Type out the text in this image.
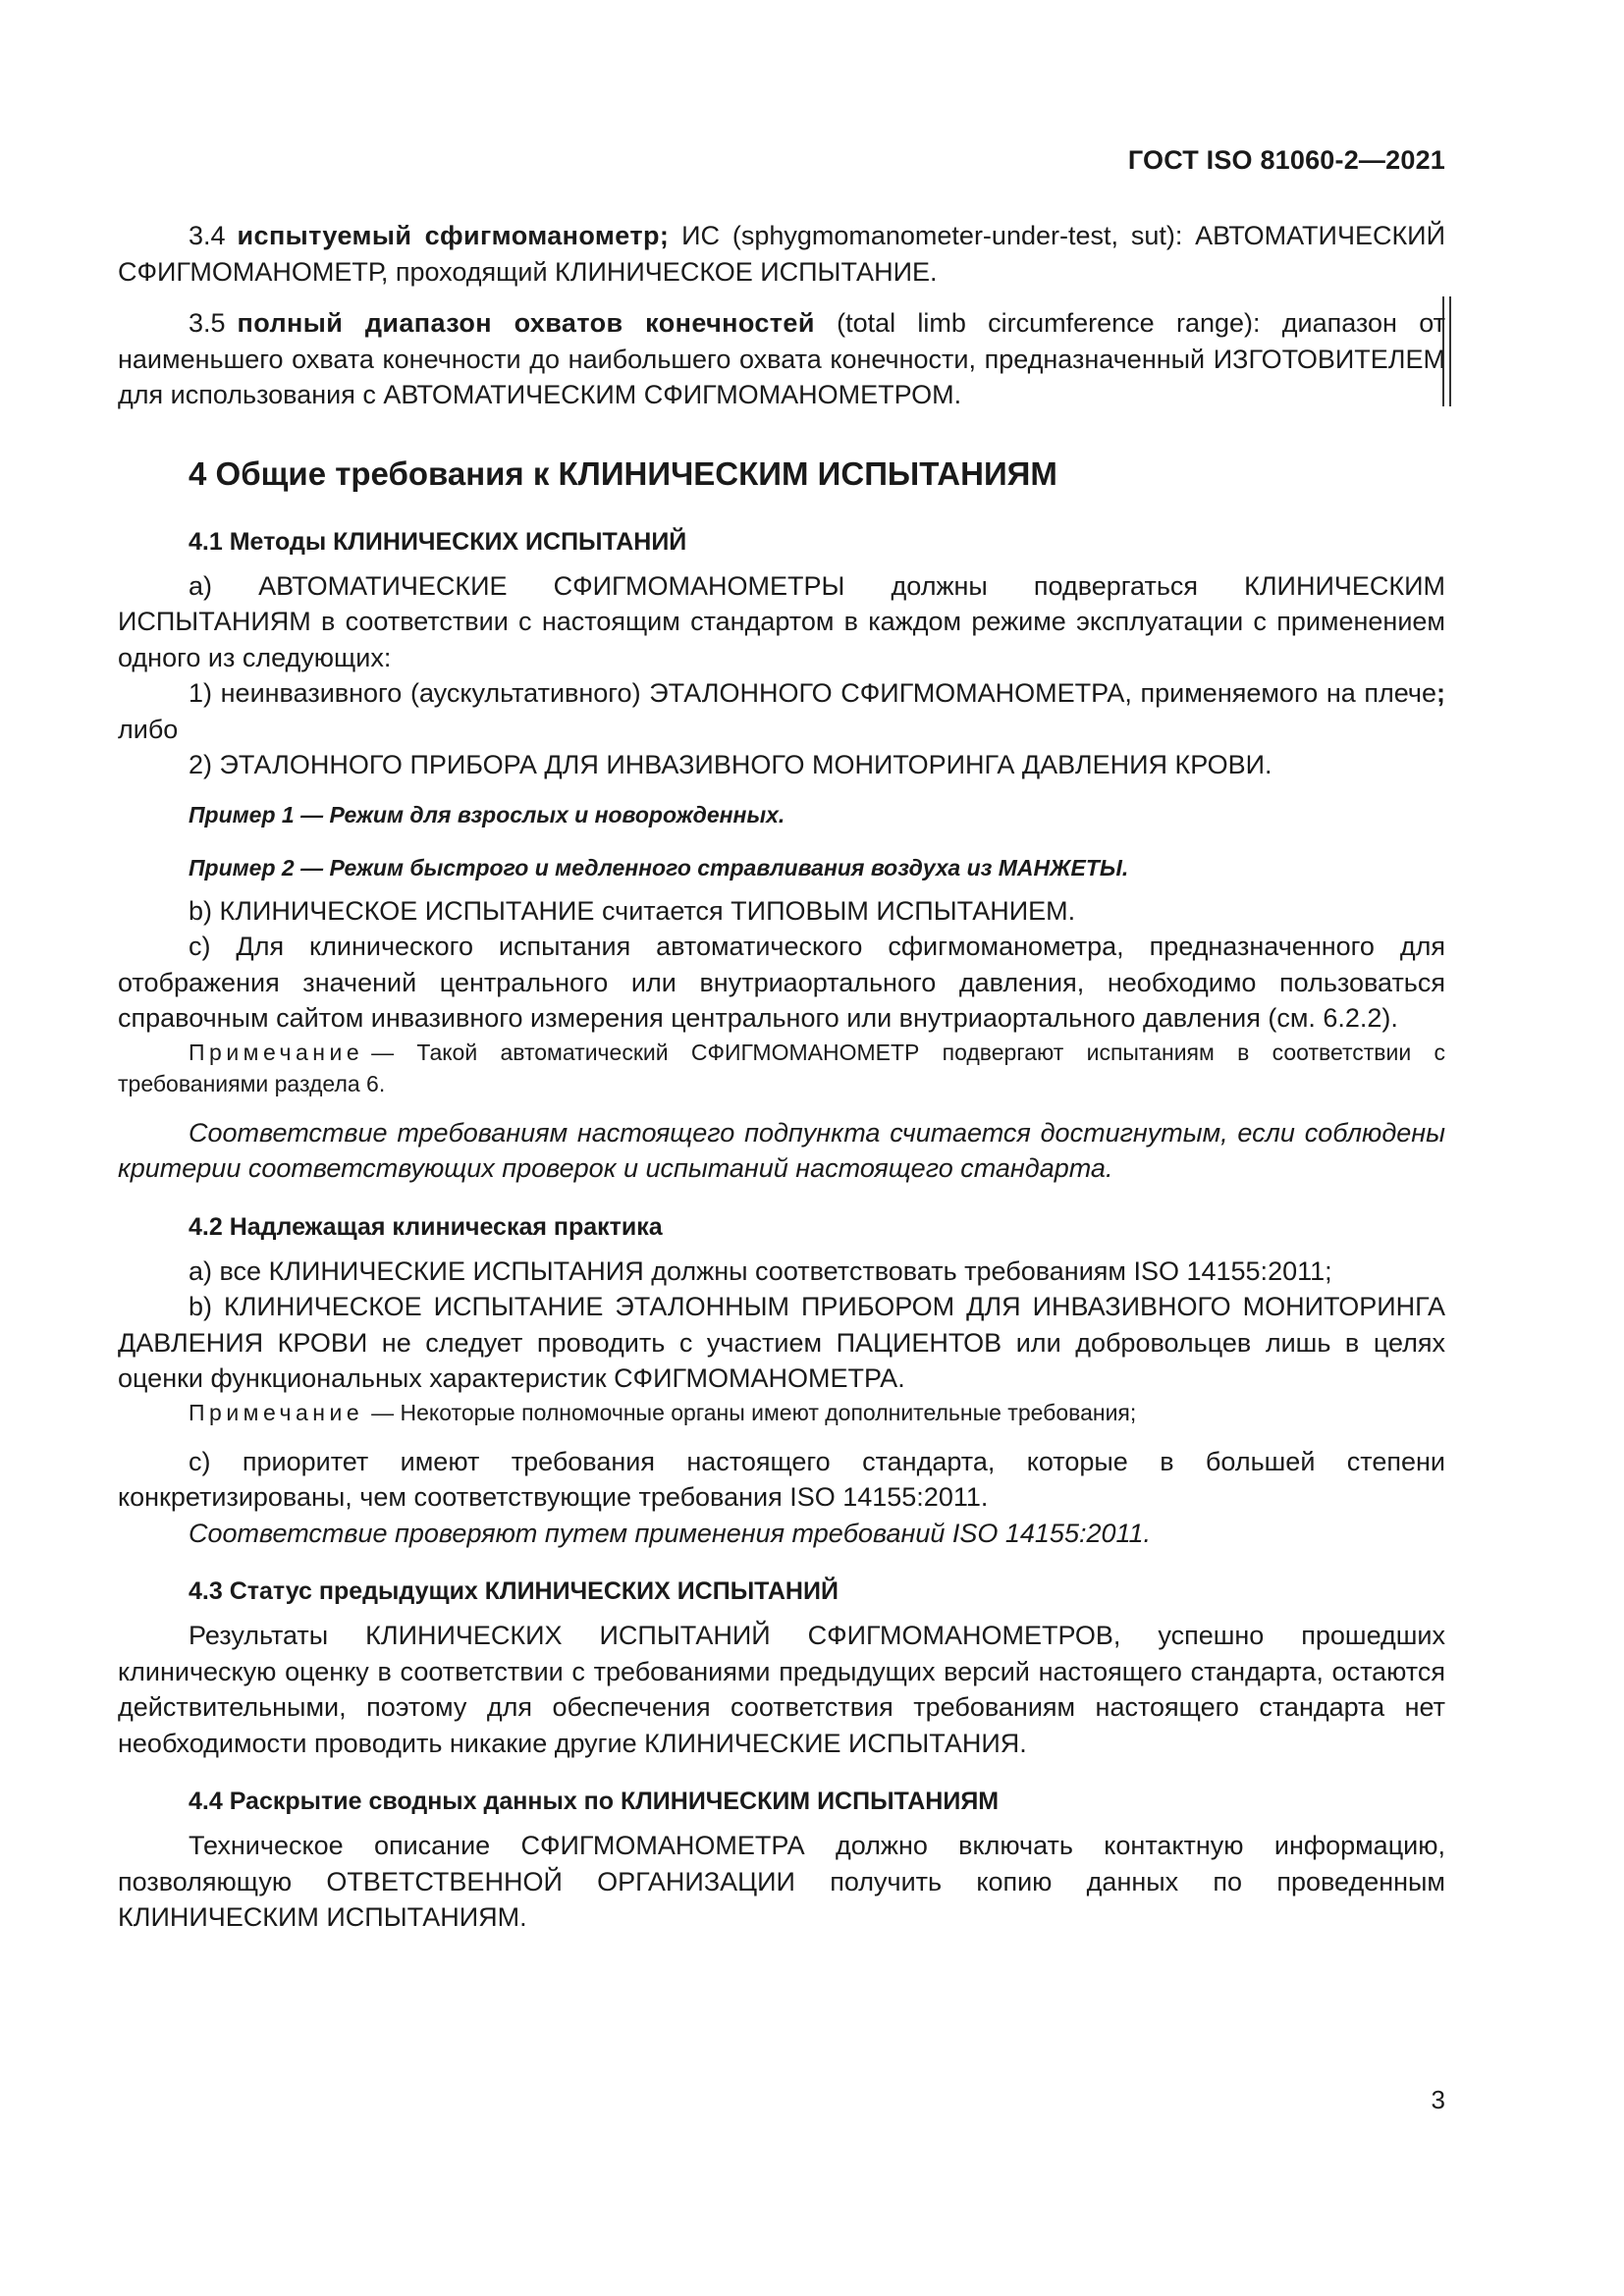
ГОСТ ISO 81060-2—2021

3.4 испытуемый сфигмоманометр; ИС (sphygmomanometer-under-test, sut): АВТОМАТИЧЕСКИЙ СФИГМОМАНОМЕТР, проходящий КЛИНИЧЕСКОЕ ИСПЫТАНИЕ.

3.5 полный диапазон охватов конечностей (total limb circumference range): диапазон от наименьшего охвата конечности до наибольшего охвата конечности, предназначенный ИЗГОТОВИТЕЛЕМ для использования с АВТОМАТИЧЕСКИМ СФИГМОМАНОМЕТРОМ.

4 Общие требования к КЛИНИЧЕСКИМ ИСПЫТАНИЯМ
4.1 Методы КЛИНИЧЕСКИХ ИСПЫТАНИЙ

а) АВТОМАТИЧЕСКИЕ СФИГМОМАНОМЕТРЫ должны подвергаться КЛИНИЧЕСКИМ ИСПЫТАНИЯМ в соответствии с настоящим стандартом в каждом режиме эксплуатации с применением одного из следующих:

1) неинвазивного (аускультативного) ЭТАЛОННОГО СФИГМОМАНОМЕТРА, применяемого на плече; либо

2) ЭТАЛОННОГО ПРИБОРА ДЛЯ ИНВАЗИВНОГО МОНИТОРИНГА ДАВЛЕНИЯ КРОВИ.

Пример 1 — Режим для взрослых и новорожденных.

Пример 2 — Режим быстрого и медленного стравливания воздуха из МАНЖЕТЫ.

b) КЛИНИЧЕСКОЕ ИСПЫТАНИЕ считается ТИПОВЫМ ИСПЫТАНИЕМ.

с) Для клинического испытания автоматического сфигмоманометра, предназначенного для отображения значений центрального или внутриаортального давления, необходимо пользоваться справочным сайтом инвазивного измерения центрального или внутриаортального давления (см. 6.2.2).

Примечание — Такой автоматический СФИГМОМАНОМЕТР подвергают испытаниям в соответствии с требованиями раздела 6.

Соответствие требованиям настоящего подпункта считается достигнутым, если соблюдены критерии соответствующих проверок и испытаний настоящего стандарта.

4.2 Надлежащая клиническая практика

а) все КЛИНИЧЕСКИЕ ИСПЫТАНИЯ должны соответствовать требованиям ISO 14155:2011;

b) КЛИНИЧЕСКОЕ ИСПЫТАНИЕ ЭТАЛОННЫМ ПРИБОРОМ ДЛЯ ИНВАЗИВНОГО МОНИТОРИНГА ДАВЛЕНИЯ КРОВИ не следует проводить с участием ПАЦИЕНТОВ или добровольцев лишь в целях оценки функциональных характеристик СФИГМОМАНОМЕТРА.

Примечание — Некоторые полномочные органы имеют дополнительные требования;

с) приоритет имеют требования настоящего стандарта, которые в большей степени конкретизированы, чем соответствующие требования ISO 14155:2011.

Соответствие проверяют путем применения требований ISO 14155:2011.

4.3 Статус предыдущих КЛИНИЧЕСКИХ ИСПЫТАНИЙ

Результаты КЛИНИЧЕСКИХ ИСПЫТАНИЙ СФИГМОМАНОМЕТРОВ, успешно прошедших клиническую оценку в соответствии с требованиями предыдущих версий настоящего стандарта, остаются действительными, поэтому для обеспечения соответствия требованиям настоящего стандарта нет необходимости проводить никакие другие КЛИНИЧЕСКИЕ ИСПЫТАНИЯ.

4.4 Раскрытие сводных данных по КЛИНИЧЕСКИМ ИСПЫТАНИЯМ

Техническое описание СФИГМОМАНОМЕТРА должно включать контактную информацию, позволяющую ОТВЕТСТВЕННОЙ ОРГАНИЗАЦИИ получить копию данных по проведенным КЛИНИЧЕСКИМ ИСПЫТАНИЯМ.

3
